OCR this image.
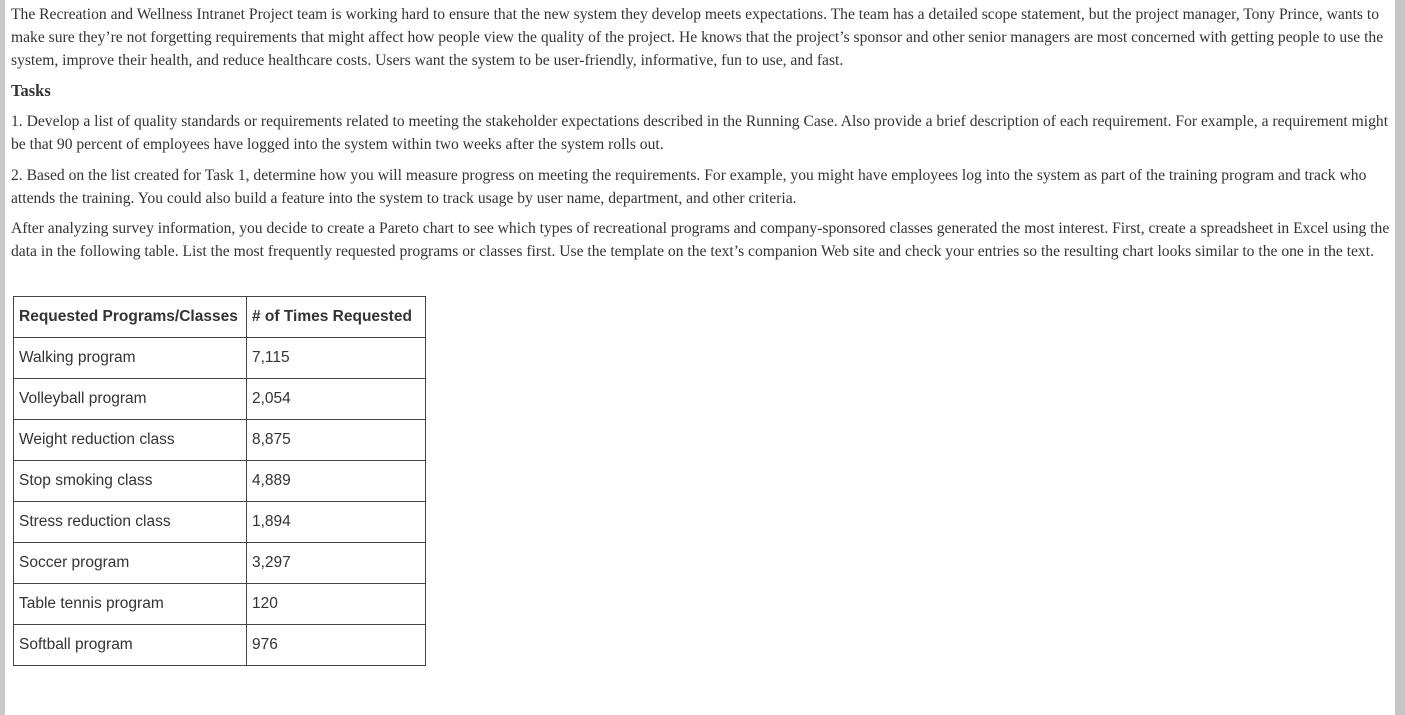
The Recreation and Wellness Intranet Project team is working hard to ensure that the new system they develop meets expectations. The team has a detailed scope statement, but the project manager, Tony Prince, wants to make sure they’re not forgetting requirements that might affect how people view the quality of the project. He knows that the project’s sponsor and other senior managers are most concerned with getting people to use the system, improve their health, and reduce healthcare costs. Users want the system to be user-friendly, informative, fun to use, and fast.

Tasks

1. Develop a list of quality standards or requirements related to meeting the stakeholder expectations described in the Running Case. Also provide a brief description of each requirement. For example, a requirement might be that 90 percent of employees have logged into the system within two weeks after the system rolls out.

2. Based on the list created for Task 1, determine how you will measure progress on meeting the requirements. For example, you might have employees log into the system as part of the training program and track who attends the training. You could also build a feature into the system to track usage by user name, department, and other criteria.

After analyzing survey information, you decide to create a Pareto chart to see which types of recreational programs and company-sponsored classes generated the most interest. First, create a spreadsheet in Excel using the data in the following table. List the most frequently requested programs or classes first. Use the template on the text’s companion Web site and check your entries so the resulting chart looks similar to the one in the text.

Requested Programs/Classes	# of Times Requested
Walking program	7,115
Volleyball program	2,054
Weight reduction class	8,875
Stop smoking class	4,889
Stress reduction class	1,894
Soccer program	3,297
Table tennis program	120
Softball program	976
